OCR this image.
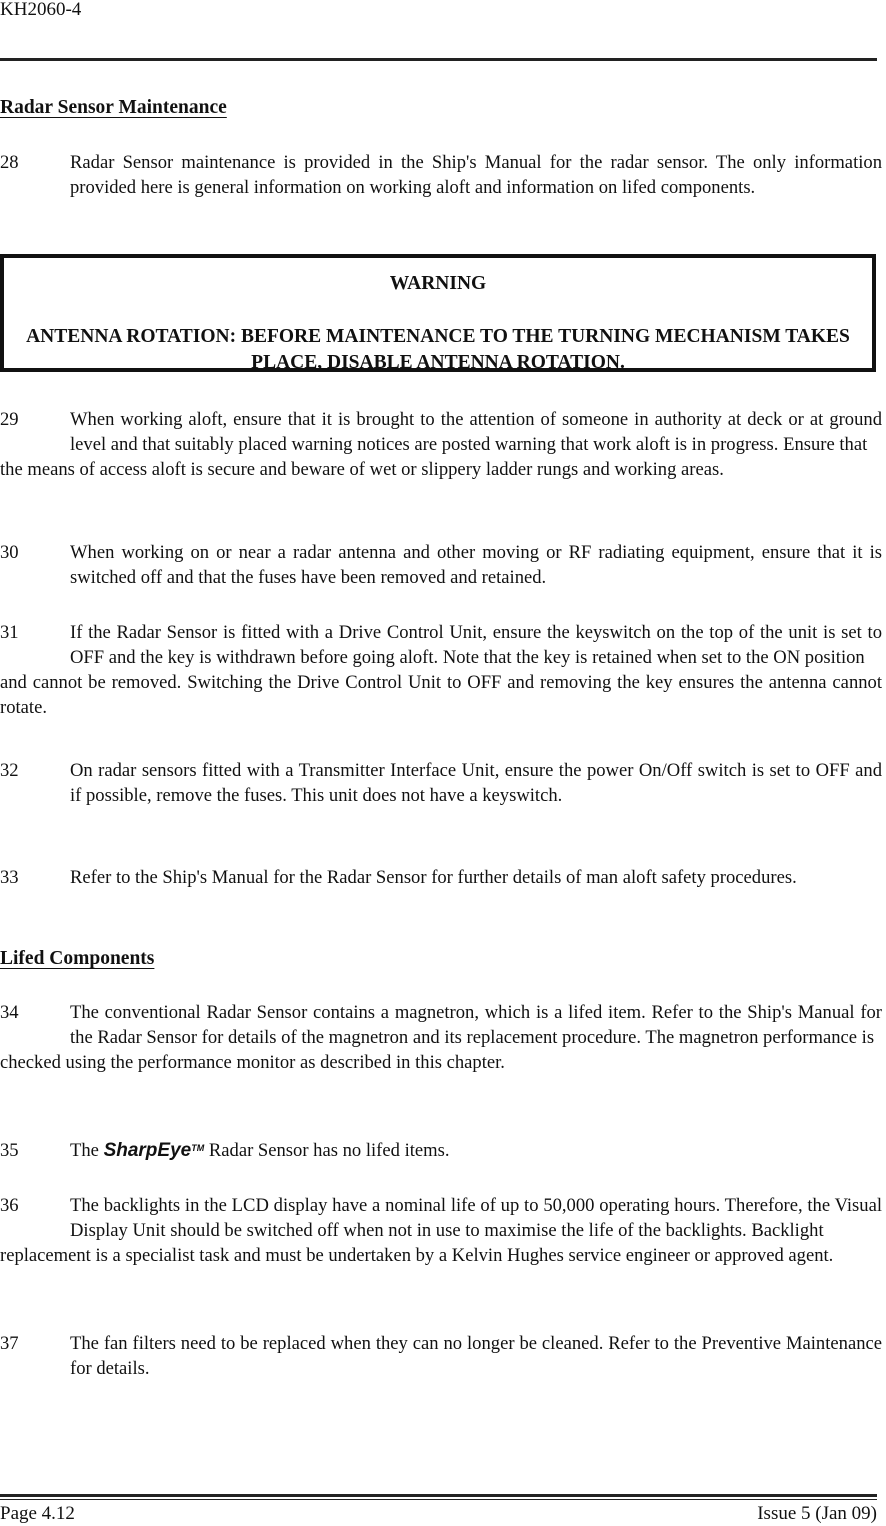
KH2060-4
Radar Sensor Maintenance
28	Radar Sensor maintenance is provided in the Ship's Manual for the radar sensor. The only information provided here is general information on working aloft and information on lifed components.
WARNING
ANTENNA ROTATION: BEFORE MAINTENANCE TO THE TURNING MECHANISM TAKES PLACE, DISABLE ANTENNA ROTATION.
29	When working aloft, ensure that it is brought to the attention of someone in authority at deck or at ground level and that suitably placed warning notices are posted warning that work aloft is in progress. Ensure that
the means of access aloft is secure and beware of wet or slippery ladder rungs and working areas.
30	When working on or near a radar antenna and other moving or RF radiating equipment, ensure that it is switched off and that the fuses have been removed and retained.
31	If the Radar Sensor is fitted with a Drive Control Unit, ensure the keyswitch on the top of the unit is set to OFF and the key is withdrawn before going aloft. Note that the key is retained when set to the ON position
and cannot be removed. Switching the Drive Control Unit to OFF and removing the key ensures the antenna cannot rotate.
32	On radar sensors fitted with a Transmitter Interface Unit, ensure the power On/Off switch is set to OFF and if possible, remove the fuses. This unit does not have a keyswitch.
33	Refer to the Ship's Manual for the Radar Sensor for further details of man aloft safety procedures.
Lifed Components
34	The conventional Radar Sensor contains a magnetron, which is a lifed item. Refer to the Ship's Manual for the Radar Sensor for details of the magnetron and its replacement procedure. The magnetron performance is
checked using the performance monitor as described in this chapter.
35	The SharpEye™ Radar Sensor has no lifed items.
36	The backlights in the LCD display have a nominal life of up to 50,000 operating hours. Therefore, the Visual Display Unit should be switched off when not in use to maximise the life of the backlights. Backlight
replacement is a specialist task and must be undertaken by a Kelvin Hughes service engineer or approved agent.
37	The fan filters need to be replaced when they can no longer be cleaned. Refer to the Preventive Maintenance for details.
Page 4.12	Issue 5 (Jan 09)
